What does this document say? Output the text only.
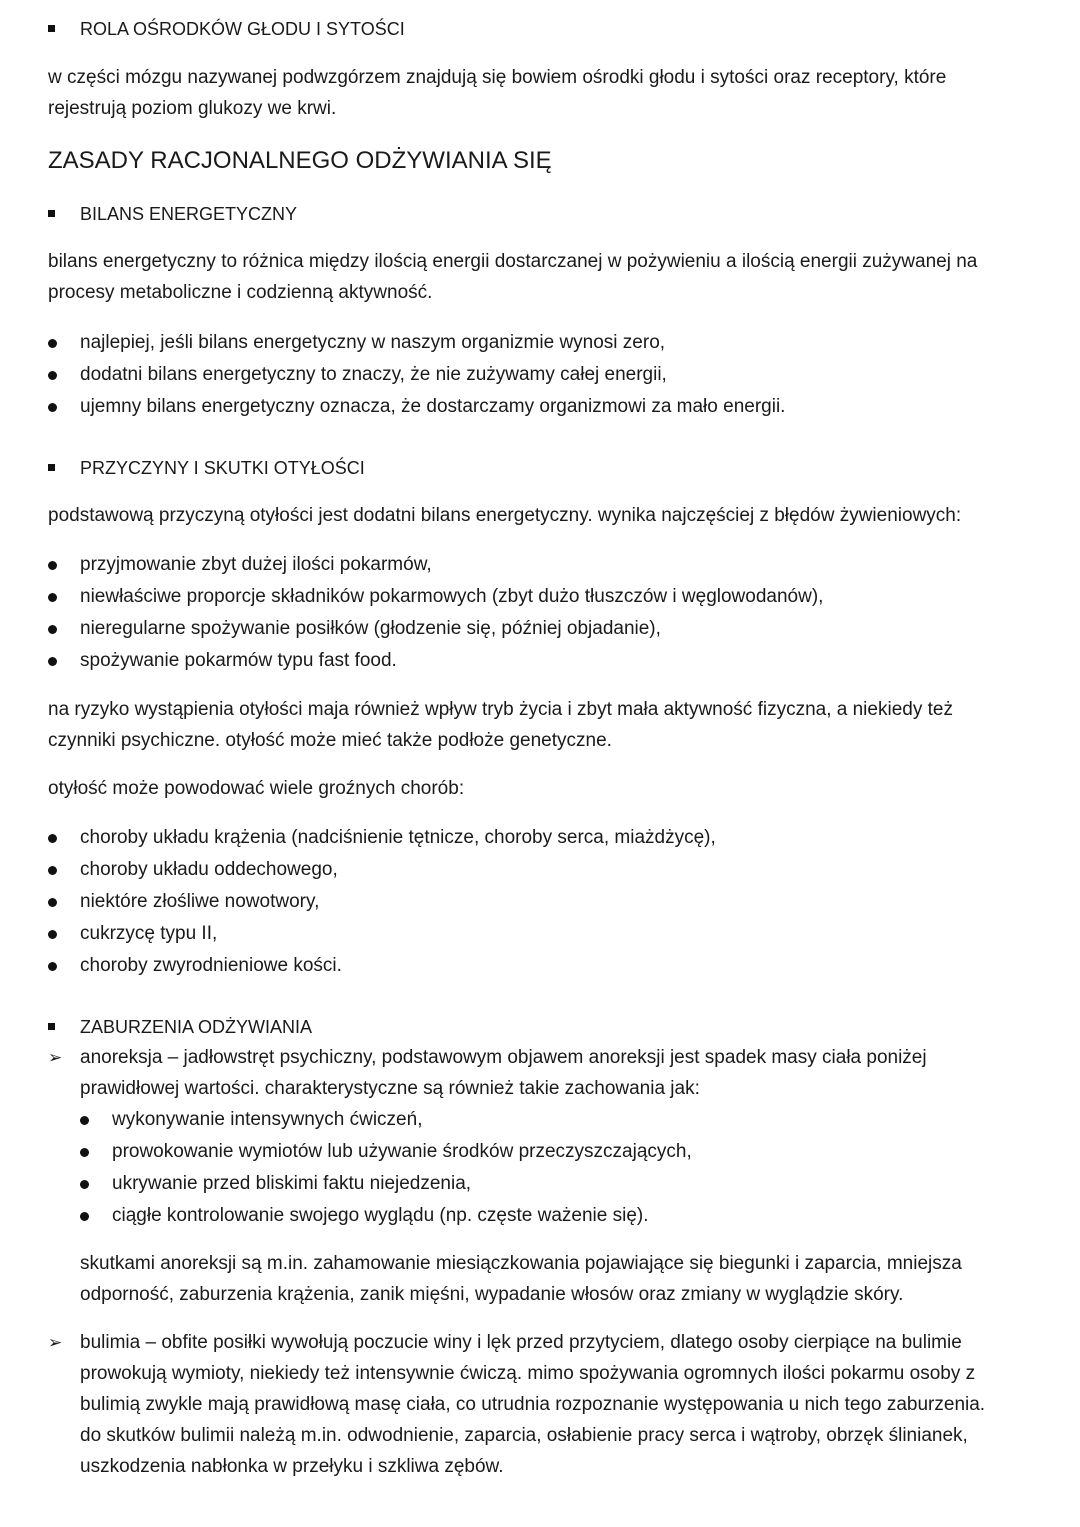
ROLA OŚRODKÓW GŁODU I SYTOŚCI
w części mózgu nazywanej podwzgórzem znajdują się bowiem ośrodki głodu i sytości oraz receptory, które
rejestrują poziom glukozy we krwi.
ZASADY RACJONALNEGO ODŻYWIANIA SIĘ
BILANS ENERGETYCZNY
bilans energetyczny to różnica między ilością energii dostarczanej w pożywieniu a ilością energii zużywanej na
procesy metaboliczne i codzienną aktywność.
najlepiej, jeśli bilans energetyczny w naszym organizmie wynosi zero,
dodatni bilans energetyczny to znaczy, że nie zużywamy całej energii,
ujemny bilans energetyczny oznacza, że dostarczamy organizmowi za mało energii.
PRZYCZYNY I SKUTKI OTYŁOŚCI
podstawową przyczyną otyłości jest dodatni bilans energetyczny. wynika najczęściej z błędów żywieniowych:
przyjmowanie zbyt dużej ilości pokarmów,
niewłaściwe proporcje składników pokarmowych (zbyt dużo tłuszczów i węglowodanów),
nieregularne spożywanie posiłków (głodzenie się, później objadanie),
spożywanie pokarmów typu fast food.
na ryzyko wystąpienia otyłości maja również wpływ tryb życia i zbyt mała aktywność fizyczna, a niekiedy też
czynniki psychiczne. otyłość może mieć także podłoże genetyczne.
otyłość może powodować wiele groźnych chorób:
choroby układu krążenia (nadciśnienie tętnicze, choroby serca, miażdżycę),
choroby układu oddechowego,
niektóre złośliwe nowotwory,
cukrzycę typu II,
choroby zwyrodnieniowe kości.
ZABURZENIA ODŻYWIANIA
➢ anoreksja – jadłowstręt psychiczny, podstawowym objawem anoreksji jest spadek masy ciała poniżej
prawidłowej wartości. charakterystyczne są również takie zachowania jak:
wykonywanie intensywnych ćwiczeń,
prowokowanie wymiotów lub używanie środków przeczyszczających,
ukrywanie przed bliskimi faktu niejedzenia,
ciągłe kontrolowanie swojego wyglądu (np. częste ważenie się).
skutkami anoreksji są m.in. zahamowanie miesiączkowania pojawiające się biegunki i zaparcia, mniejsza
odporność, zaburzenia krążenia, zanik mięśni, wypadanie włosów oraz zmiany w wyglądzie skóry.
➢ bulimia – obfite posiłki wywołują poczucie winy i lęk przed przytyciem, dlatego osoby cierpiące na bulimie
prowokują wymioty, niekiedy też intensywnie ćwiczą. mimo spożywania ogromnych ilości pokarmu osoby z
bulimią zwykle mają prawidłową masę ciała, co utrudnia rozpoznanie występowania u nich tego zaburzenia.
do skutków bulimii należą m.in. odwodnienie, zaparcia, osłabienie pracy serca i wątroby, obrzęk ślinianek,
uszkodzenia nabłonka w przełyku i szkliwa zębów.
